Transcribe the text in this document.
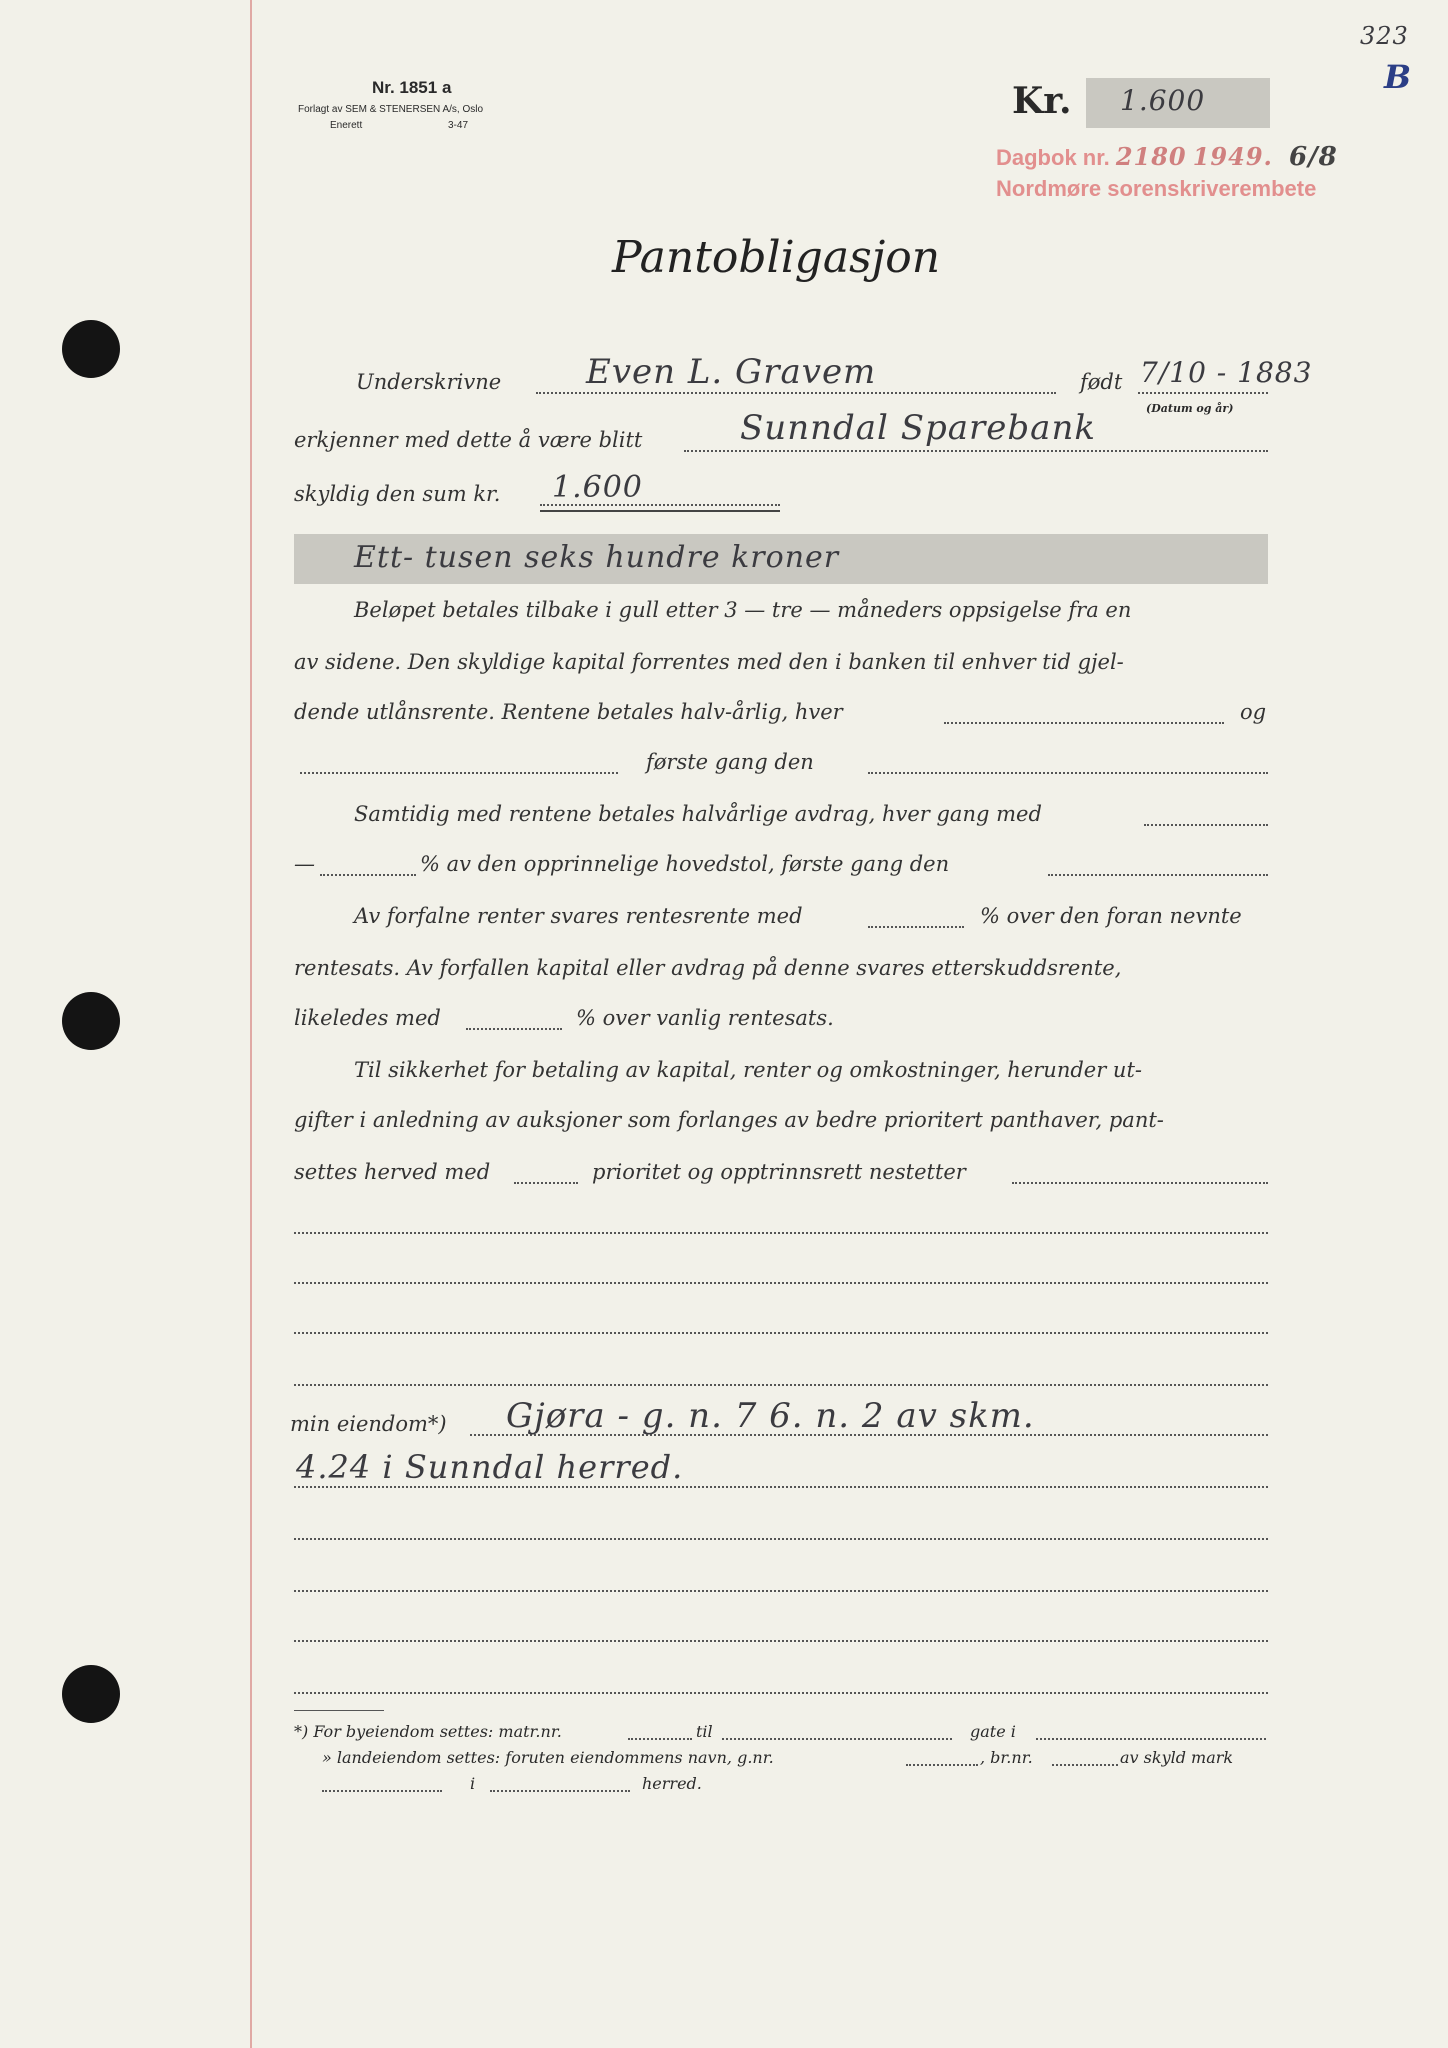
323
B
Nr. 1851 a
Forlagt av SEM & STENERSEN A/s, Oslo
Enerett	3-47
Kr. 1.600
Dagbok nr. 2180 1949. 6/8
Nordmøre sorenskriverembete
Pantobligasjon
Underskrivne Even L. Gravem	født 7/10 - 1883
(Datum og år)
erkjenner med dette å være blitt	Sunndal Sparebank
skyldig den sum kr. 1.600
Ett- tusen seks hundre kroner
Beløpet betales tilbake i gull etter 3 — tre — måneders oppsigelse fra en
av sidene. Den skyldige kapital forrentes med den i banken til enhver tid gjel-
dende utlånsrente. Rentene betales halv-årlig, hver	og
første gang den
Samtidig med rentene betales halvårlige avdrag, hver gang med
—	% av den opprinnelige hovedstol, første gang den
Av forfalne renter svares rentesrente med	% over den foran nevnte
rentesats. Av forfallen kapital eller avdrag på denne svares etterskuddsrente,
likeledes med	% over vanlig rentesats.
Til sikkerhet for betaling av kapital, renter og omkostninger, herunder ut-
gifter i anledning av auksjoner som forlanges av bedre prioritert panthaver, pant-
settes herved med	prioritet og opptrinnsrett nestetter
min eiendom*) Gjøra - g. n. 7 6. n. 2 av skm.
4.24 i Sunndal herred.
*) For byeiendom settes: matr.nr.	til	gate i
» landeiendom settes: foruten eiendommens navn, g.nr.	, br.nr.	av skyld mark
i	herred.
